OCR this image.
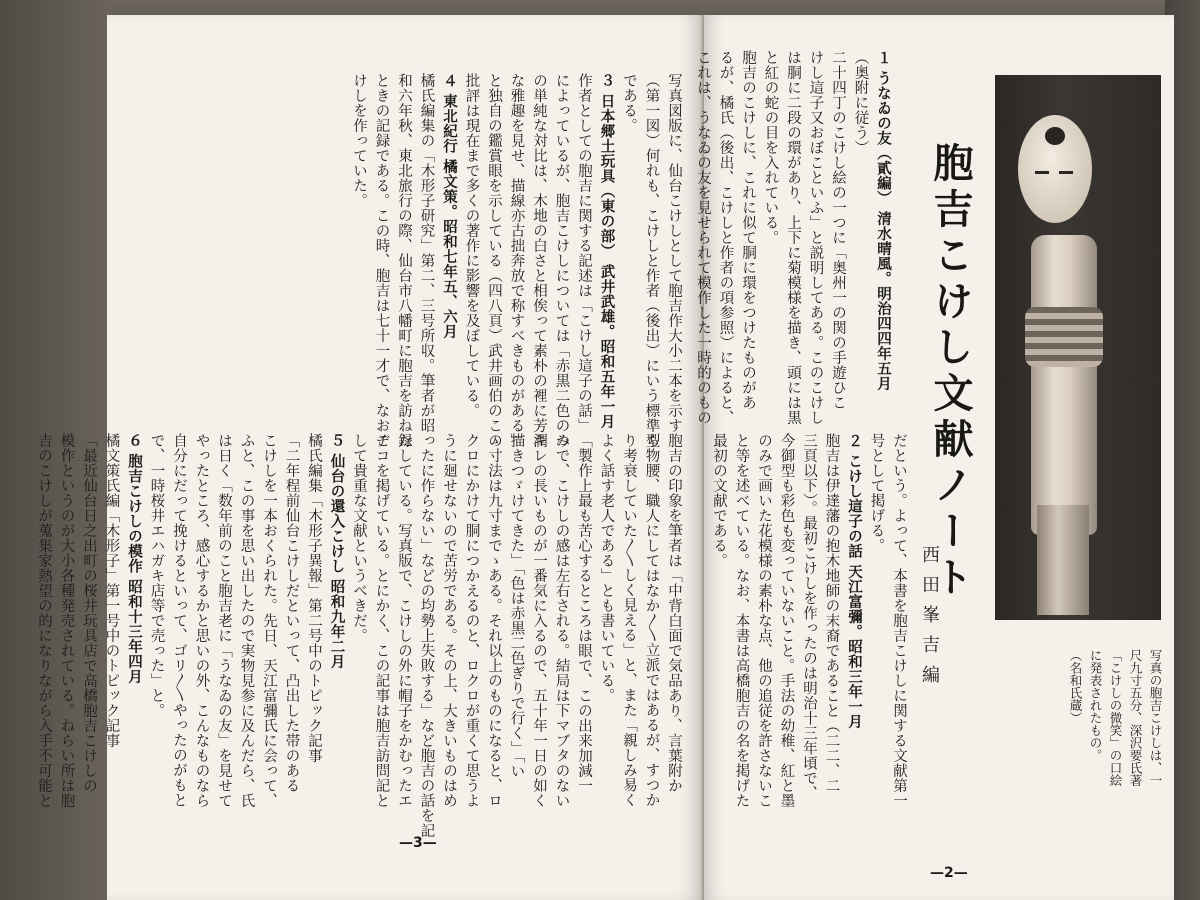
写真図版に、仙台こけしとして胞吉作大小二本を示す

（第一図）何れも、こけしと作者（後出）にいう標準型

である。

３ 日本郷土玩具（東の部） 武井武雄。昭和五年一月

作者としての胞吉に関する記述は「こけし這子の話」

によっているが、胞吉こけしについては「赤黒二色のみ

の単純な対比は、木地の白さと相俟って素朴の裡に芳潤

な雅趣を見せ、描線亦古拙奔放で称すべきものがある」

と独自の鑑賞眼を示している（四八頁）武井画伯のこの

批評は現在まで多くの著作に影響を及ぼしている。

４ 東北紀行 橘文策。昭和七年五、六月

橘氏編集の「木形子研究」第二、三号所収。筆者が昭

和六年秋、東北旅行の際、仙台市八幡町に胞吉を訪ねた

ときの記録である。この時、胞吉は七十一才で、なおこ

けしを作っていた。

胞吉の印象を筆者は「中背白面で気品あり、言葉附か

ら物腰、職人にしてはなか〳〵立派ではあるが、すつか

り考衰していた〳〵しく見える」と、また「親しみ易く

よく話す老人である」とも書いている。

「製作上最も苦心するところは眼で、この出来加減一

つで、こけしの感は左右される。結局は下マブタのない

キレの長いものが一番気に入るので、五十年一日の如く

描きつゞけてきた」「色は赤黒二色ぎりで行く」「い

ゝ寸法は九寸までゝある。それ以上のものになると、ロ

クロにかけて胴につかえるのと、ロクロが重くて思うよ

うに廻せないので苦労である。その上、大きいものはめ

ったに作らない」などの均勢上失敗する」など胞吉の話を記

録している。写真版で、こけしの外に帽子をかむったエ

ヂコを掲げている。とにかく、この記事は胞吉訪問記と

して貴重な文献というべきだ。

５ 仙台の還入こけし 昭和九年二月

橘氏編集「木形子異報」第二号中のトピック記事

「二年程前仙台こけしだといって、凸出した帯のある

こけしを一本おくられた。先日、天江富彌氏に会って、

ふと、この事を思い出したので実物見参に及んだら、氏

は日く「数年前のこと胞吉老に「うなゐの友」を見せて

やったところ、感心するかと思いの外、こんなものなら

自分にだって挽けるといって、ゴリ〳〵やったのがもと

で、一時桜井エハガキ店等で売った」と。

６ 胞吉こけしの模作 昭和十三年四月

橘文策氏編「木形子」第一号中のトピック記事

「最近仙台日之出町の桜井玩具店で高橋胞吉こけしの

模作というのが大小各種発売されている。ねらい所は胞

吉のこけしが蒐集家熱望の的になりながら入手不可能と

—3—

１ うなゐの友（貳編） 清水晴風。明治四四年五月

（奥附に従う）

二十四丁のこけし絵の一つに「奥州一の関の手遊ひこ

けし這子又おぼこといふ」と説明してある。このこけし

は胴に二段の環があり、上下に菊模様を描き、頭には黒

と紅の蛇の目を入れている。

胞吉のこけしに、これに似て胴に環をつけたものがあ

るが、橘氏（後出、こけしと作者の項参照）によると、

これは、うなゐの友を見せられて模作した一時的のもの

だという。よって、本書を胞吉こけしに関する文献第一

号として掲げる。

２ こけし這子の話 天江富彌。昭和三年一月

胞吉は伊達藩の抱木地師の末裔であること（二二、二

三頁以下）。最初こけしを作ったのは明治十三年頃で、

今御型も彩色も変っていないこと。手法の幼稚、紅と墨

のみで画いた花模様の素朴な点、他の追従を許さないこ

と等を述べている。なお、本書は高橋胞吉の名を掲げた

最初の文献である。	胞吉こけし文献ノート
西田峯吉編

写真の胞吉こけしは、一

尺九寸五分、深沢要氏著

「こけしの微笑」の口絵

に発表されたもの。

（名和氏蔵）

—2—
